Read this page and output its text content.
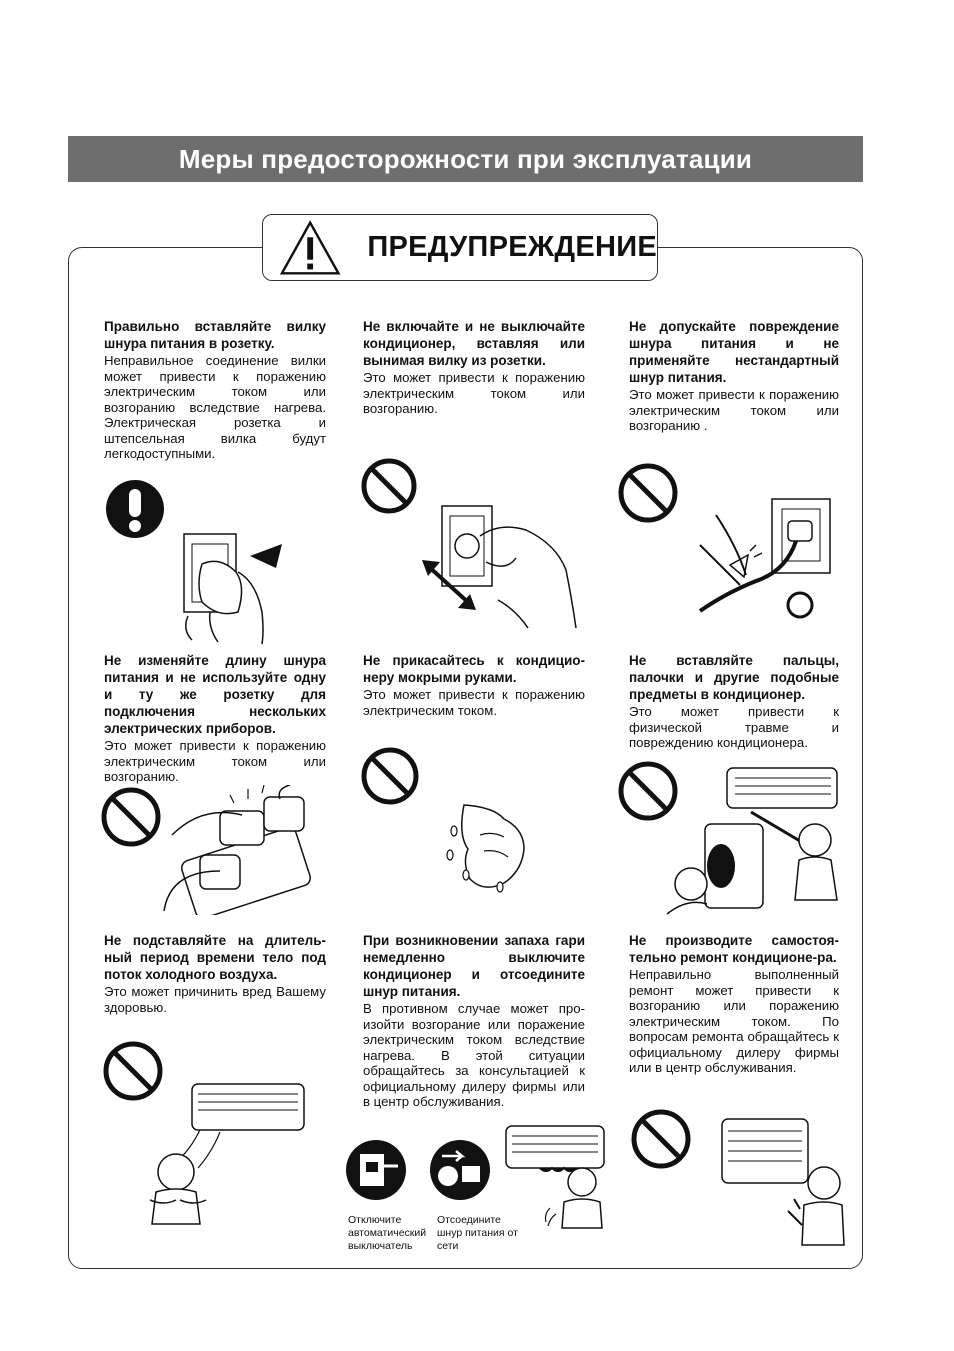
Меры предосторожности при эксплуатации
ПРЕДУПРЕЖДЕНИЕ
Правильно вставляйте вилку шнура питания в розетку.
Неправильное соединение вилки может привести к поражению электрическим током или возгоранию вследствие нагрева. Электрическая розетка и штепсельная вилка будут легкодоступными.
Не включайте и не выключайте кондиционер, вставляя или вынимая вилку из розетки.
Это может привести к поражению электрическим током или возгоранию.
Не допускайте повреждение шнура питания и не применяйте нестандартный шнур питания.
Это может привести к поражению электрическим током или возгоранию .
Не изменяйте длину шнура питания и не используйте одну и ту же розетку для подключения нескольких электрических приборов.
Это может привести к поражению электрическим током или возгоранию.
Не прикасайтесь к кондицио-неру мокрыми руками.
Это может привести к поражению электрическим током.
Не вставляйте пальцы, палочки и другие подобные предметы в кондиционер.
Это может привести к физической травме и повреждению кондиционера.
Не подставляйте на длитель-ный период времени тело под поток холодного воздуха.
Это может причинить вред Вашему здоровью.
При возникновении запаха гари немедленно выключите кондиционер и отсоедините шнур питания.
В противном случае может про-изойти возгорание или поражение электрическим током вследствие нагрева. В этой ситуации обращайтесь за консультацией к официальному дилеру фирмы или в центр обслуживания.
Не производите самостоя-тельно ремонт кондиционе-ра.
Неправильно выполненный ремонт может привести к возгоранию или поражению электрическим током. По вопросам ремонта обращайтесь к официальному дилеру фирмы или в центр обслуживания.
Отключите автоматический выключатель
Отсоедините шнур питания от сети
